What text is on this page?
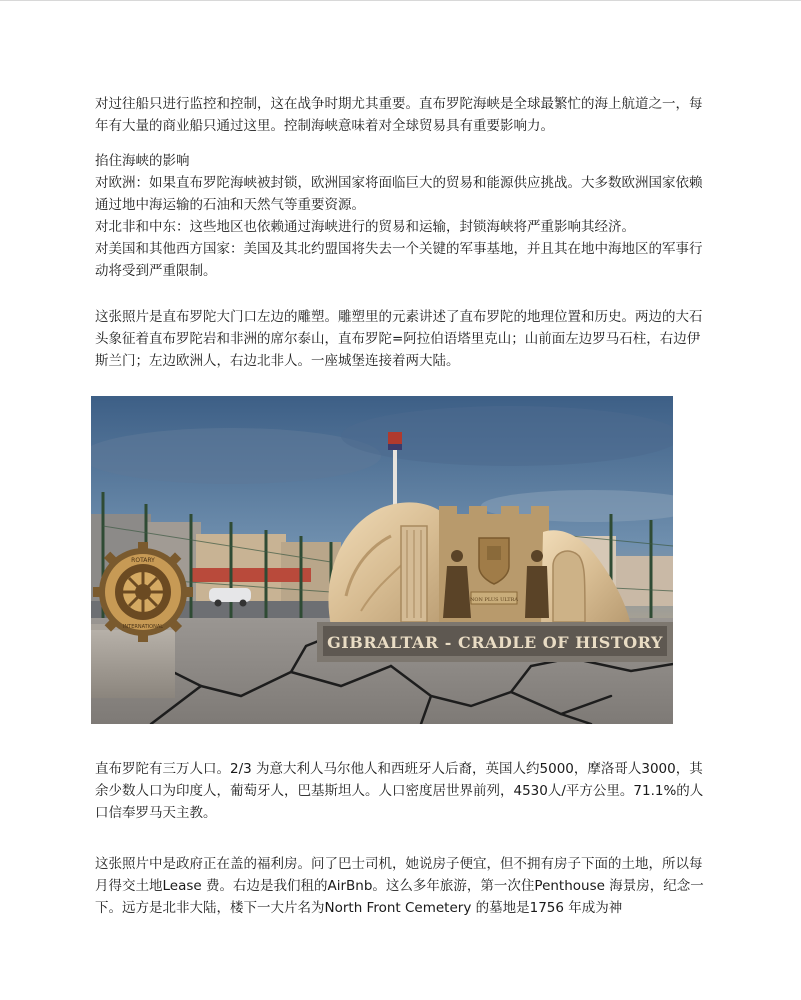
对过往船只进行监控和控制，这在战争时期尤其重要。直布罗陀海峡是全球最繁忙的海上航道之一，每年有大量的商业船只通过这里。控制海峡意味着对全球贸易具有重要影响力。

掐住海峡的影响
对欧洲：如果直布罗陀海峡被封锁，欧洲国家将面临巨大的贸易和能源供应挑战。大多数欧洲国家依赖通过地中海运输的石油和天然气等重要资源。
对北非和中东：这些地区也依赖通过海峡进行的贸易和运输，封锁海峡将严重影响其经济。
对美国和其他西方国家：美国及其北约盟国将失去一个关键的军事基地，并且其在地中海地区的军事行动将受到严重限制。

这张照片是直布罗陀大门口左边的雕塑。雕塑里的元素讲述了直布罗陀的地理位置和历史。两边的大石头象征着直布罗陀岩和非洲的席尔泰山，直布罗陀=阿拉伯语塔里克山；山前面左边罗马石柱，右边伊斯兰门；左边欧洲人，右边北非人。一座城堡连接着两大陆。

ROTARY
INTERNATIONAL
NON PLUS ULTRA
GIBRALTAR - CRADLE OF HISTORY

直布罗陀有三万人口。2/3 为意大利人马尔他人和西班牙人后裔，英国人约5000，摩洛哥人3000，其余少数人口为印度人，葡萄牙人，巴基斯坦人。人口密度居世界前列，4530人/平方公里。71.1%的人口信奉罗马天主教。

这张照片中是政府正在盖的福利房。问了巴士司机，她说房子便宜，但不拥有房子下面的土地，所以每月得交土地Lease 费。右边是我们租的AirBnb。这么多年旅游，第一次住Penthouse 海景房，纪念一下。远方是北非大陆，楼下一大片名为North Front Cemetery 的墓地是1756 年成为神
